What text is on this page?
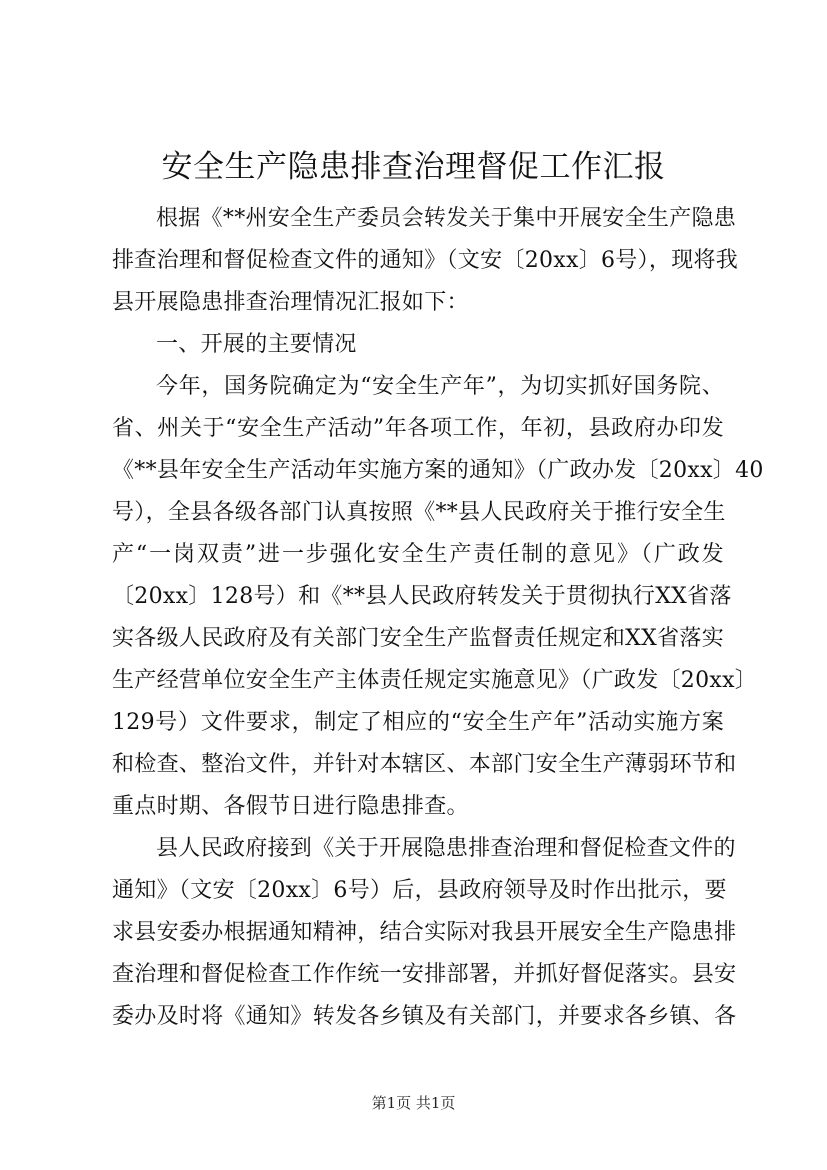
安全生产隐患排查治理督促工作汇报

根据《**州安全生产委员会转发关于集中开展安全生产隐患

排查治理和督促检查文件的通知》（文安〔20xx〕6号），现将我

县开展隐患排查治理情况汇报如下：

一、开展的主要情况

今年，国务院确定为“安全生产年”，为切实抓好国务院、

省、州关于“安全生产活动”年各项工作，年初，县政府办印发

《**县年安全生产活动年实施方案的通知》（广政办发〔20xx〕40

号），全县各级各部门认真按照《**县人民政府关于推行安全生

产“一岗双责”进一步强化安全生产责任制的意见》（广政发

〔20xx〕128号）和《**县人民政府转发关于贯彻执行XX省落

实各级人民政府及有关部门安全生产监督责任规定和XX省落实

生产经营单位安全生产主体责任规定实施意见》（广政发〔20xx〕

129号）文件要求，制定了相应的“安全生产年”活动实施方案

和检查、整治文件，并针对本辖区、本部门安全生产薄弱环节和

重点时期、各假节日进行隐患排查。

县人民政府接到《关于开展隐患排查治理和督促检查文件的

通知》（文安〔20xx〕6号）后，县政府领导及时作出批示，要

求县安委办根据通知精神，结合实际对我县开展安全生产隐患排

查治理和督促检查工作作统一安排部署，并抓好督促落实。县安

委办及时将《通知》转发各乡镇及有关部门，并要求各乡镇、各

第1页 共1页
